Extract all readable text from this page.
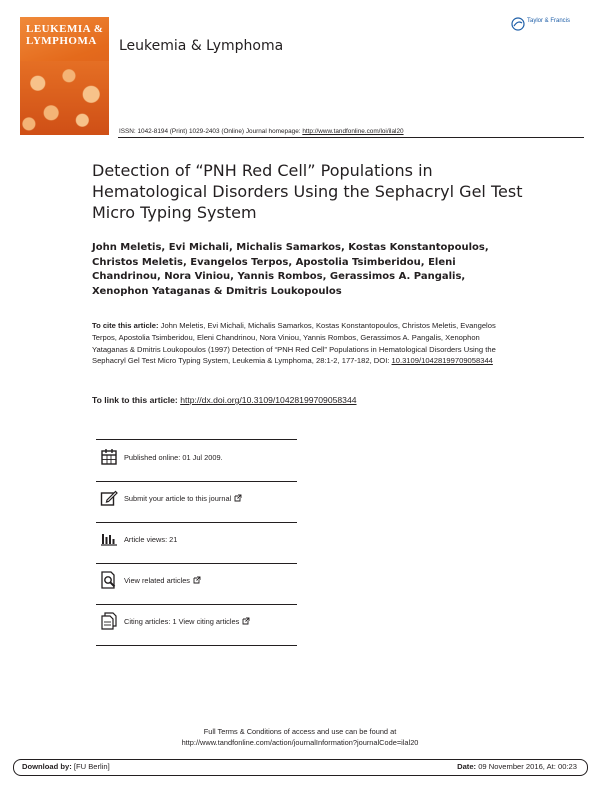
LEUKEMIA & LYMPHOMA	Leukemia & Lymphoma
Taylor & Francis
ISSN: 1042-8194 (Print) 1029-2403 (Online) Journal homepage: http://www.tandfonline.com/loi/ilal20
Detection of “PNH Red Cell” Populations in Hematological Disorders Using the Sephacryl Gel Test Micro Typing System
John Meletis, Evi Michali, Michalis Samarkos, Kostas Konstantopoulos, Christos Meletis, Evangelos Terpos, Apostolia Tsimberidou, Eleni Chandrinou, Nora Viniou, Yannis Rombos, Gerassimos A. Pangalis, Xenophon Yataganas & Dmitris Loukopoulos
To cite this article: John Meletis, Evi Michali, Michalis Samarkos, Kostas Konstantopoulos, Christos Meletis, Evangelos Terpos, Apostolia Tsimberidou, Eleni Chandrinou, Nora Viniou, Yannis Rombos, Gerassimos A. Pangalis, Xenophon Yataganas & Dmitris Loukopoulos (1997) Detection of “PNH Red Cell” Populations in Hematological Disorders Using the Sephacryl Gel Test Micro Typing System, Leukemia & Lymphoma, 28:1-2, 177-182, DOI: 10.3109/10428199709058344
To link to this article: http://dx.doi.org/10.3109/10428199709058344
Published online: 01 Jul 2009.
Submit your article to this journal
Article views: 21
View related articles
Citing articles: 1 View citing articles
Full Terms & Conditions of access and use can be found at
http://www.tandfonline.com/action/journalInformation?journalCode=ilal20
Download by: [FU Berlin]	Date: 09 November 2016, At: 00:23
